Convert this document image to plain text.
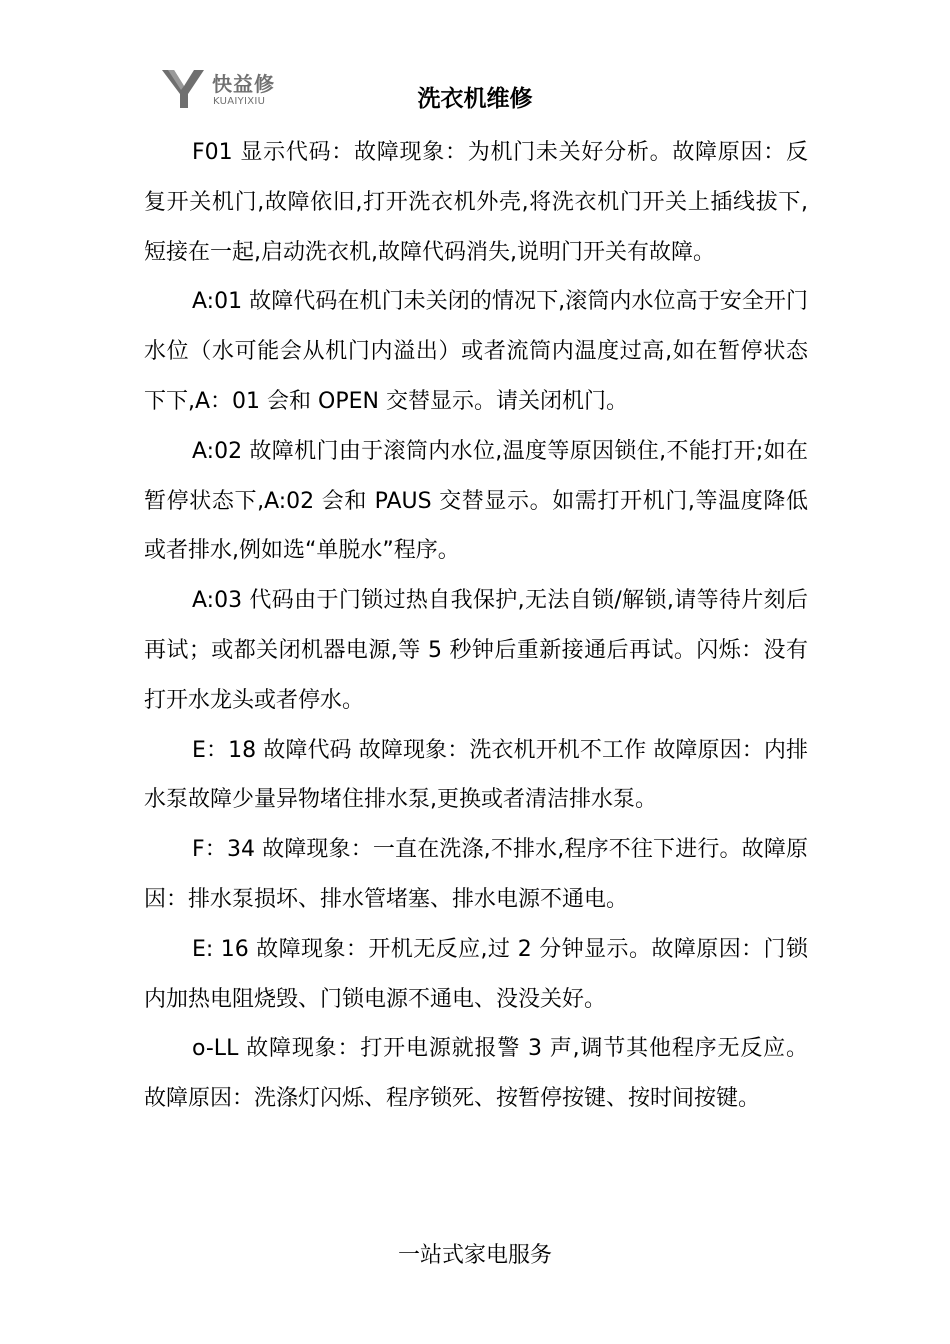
快益修
KUAIYIXIU	洗衣机维修

F01 显示代码：故障现象：为机门未关好分析。故障原因：反复开关机门,故障依旧,打开洗衣机外壳,将洗衣机门开关上插线拔下,短接在一起,启动洗衣机,故障代码消失,说明门开关有故障。

A:01 故障代码在机门未关闭的情况下,滚筒内水位高于安全开门水位（水可能会从机门内溢出）或者流筒内温度过高,如在暂停状态下下,A：01 会和 OPEN 交替显示。请关闭机门。

A:02 故障机门由于滚筒内水位,温度等原因锁住,不能打开;如在暂停状态下,A:02 会和 PAUS 交替显示。如需打开机门,等温度降低或者排水,例如选“单脱水”程序。

A:03 代码由于门锁过热自我保护,无法自锁/解锁,请等待片刻后再试；或都关闭机器电源,等 5 秒钟后重新接通后再试。闪烁：没有打开水龙头或者停水。

E：18 故障代码 故障现象：洗衣机开机不工作 故障原因：内排水泵故障少量异物堵住排水泵,更换或者清洁排水泵。

F：34 故障现象：一直在洗涤,不排水,程序不往下进行。故障原因：排水泵损坏、排水管堵塞、排水电源不通电。

E: 16 故障现象：开机无反应,过 2 分钟显示。故障原因：门锁内加热电阻烧毁、门锁电源不通电、没没关好。

o-LL 故障现象：打开电源就报警 3 声,调节其他程序无反应。故障原因：洗涤灯闪烁、程序锁死、按暂停按键、按时间按键。

一站式家电服务
